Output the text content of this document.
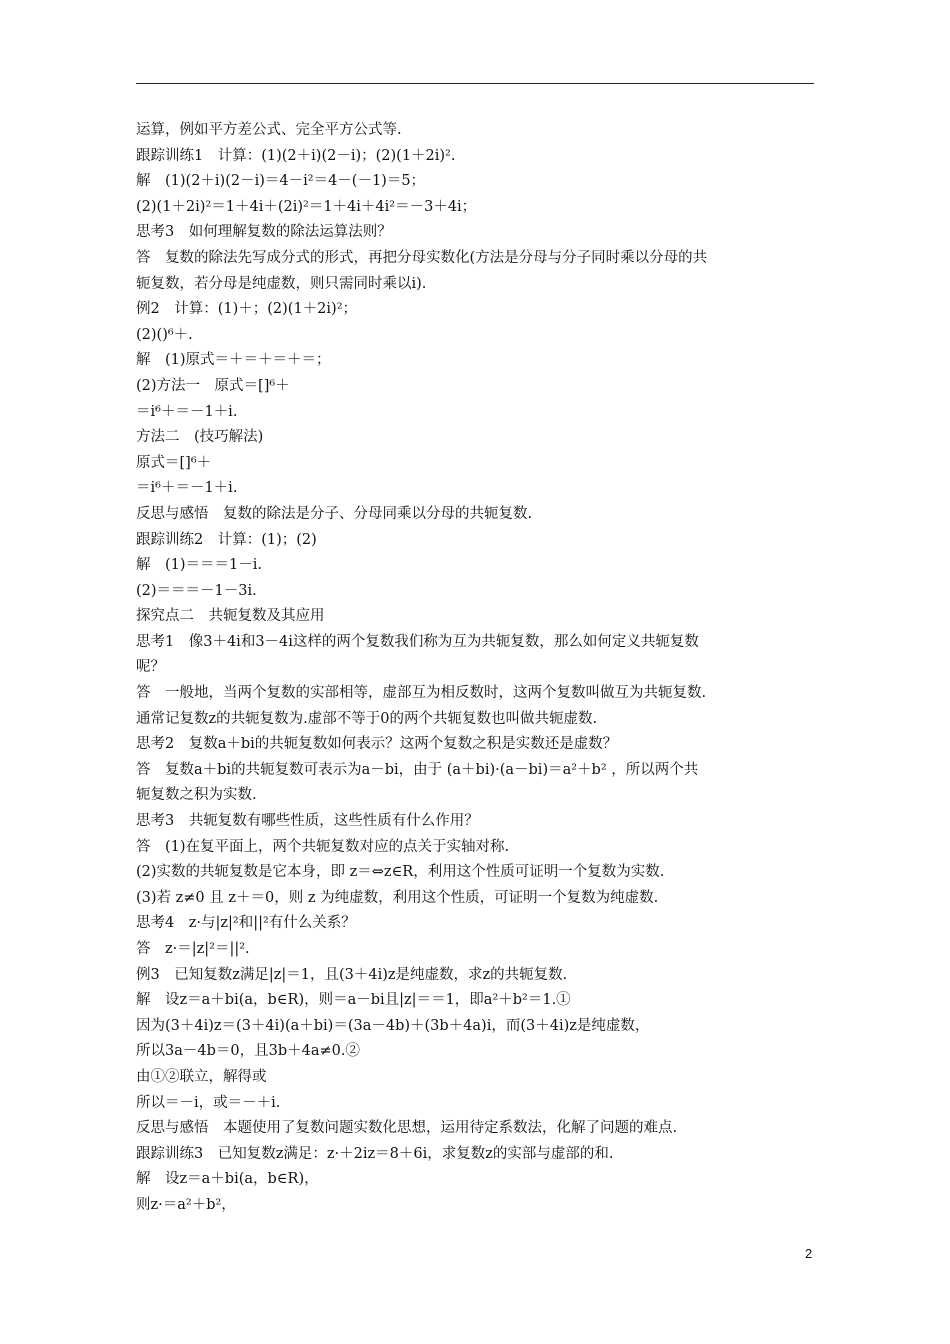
运算，例如平方差公式、完全平方公式等.
跟踪训练1　计算：(1)(2＋i)(2－i)；(2)(1＋2i)².
解　(1)(2＋i)(2－i)＝4－i²＝4－(－1)＝5；
(2)(1＋2i)²＝1＋4i＋(2i)²＝1＋4i＋4i²＝－3＋4i；
思考3　如何理解复数的除法运算法则？
答　复数的除法先写成分式的形式，再把分母实数化(方法是分母与分子同时乘以分母的共
轭复数，若分母是纯虚数，则只需同时乘以i).
例2　计算：(1)＋；(2)(1＋2i)²；
(2)()⁶＋.
解　(1)原式＝＋＝＋＝＋＝；
(2)方法一　原式＝[]⁶＋
＝i⁶＋＝－1＋i.
方法二　(技巧解法)
原式＝[]⁶＋
＝i⁶＋＝－1＋i.
反思与感悟　复数的除法是分子、分母同乘以分母的共轭复数.
跟踪训练2　计算：(1)；(2)
解　(1)＝＝＝1－i.
(2)＝＝＝－1－3i.
探究点二　共轭复数及其应用
思考1　像3＋4i和3－4i这样的两个复数我们称为互为共轭复数，那么如何定义共轭复数
呢？
答　一般地，当两个复数的实部相等，虚部互为相反数时，这两个复数叫做互为共轭复数.
通常记复数z的共轭复数为.虚部不等于0的两个共轭复数也叫做共轭虚数.
思考2　复数a＋bi的共轭复数如何表示？这两个复数之积是实数还是虚数？
答　复数a＋bi的共轭复数可表示为a－bi，由于 (a＋bi)·(a－bi)＝a²＋b² ，所以两个共
轭复数之积为实数.
思考3　共轭复数有哪些性质，这些性质有什么作用？
答　(1)在复平面上，两个共轭复数对应的点关于实轴对称.
(2)实数的共轭复数是它本身，即 z＝⇔z∈R，利用这个性质可证明一个复数为实数.
(3)若 z≠0 且 z＋＝0，则 z 为纯虚数，利用这个性质，可证明一个复数为纯虚数.
思考4　z·与|z|²和||²有什么关系？
答　z·＝|z|²＝||².
例3　已知复数z满足|z|＝1，且(3＋4i)z是纯虚数，求z的共轭复数.
解　设z＝a＋bi(a，b∈R)，则＝a－bi且|z|＝＝1，即a²＋b²＝1.①
因为(3＋4i)z＝(3＋4i)(a＋bi)＝(3a－4b)＋(3b＋4a)i，而(3＋4i)z是纯虚数，
所以3a－4b＝0，且3b＋4a≠0.②
由①②联立，解得或
所以＝－i，或＝－＋i.
反思与感悟　本题使用了复数问题实数化思想，运用待定系数法，化解了问题的难点.
跟踪训练3　已知复数z满足：z·＋2iz＝8＋6i，求复数z的实部与虚部的和.
解　设z＝a＋bi(a，b∈R)，
则z·＝a²＋b²，
2
